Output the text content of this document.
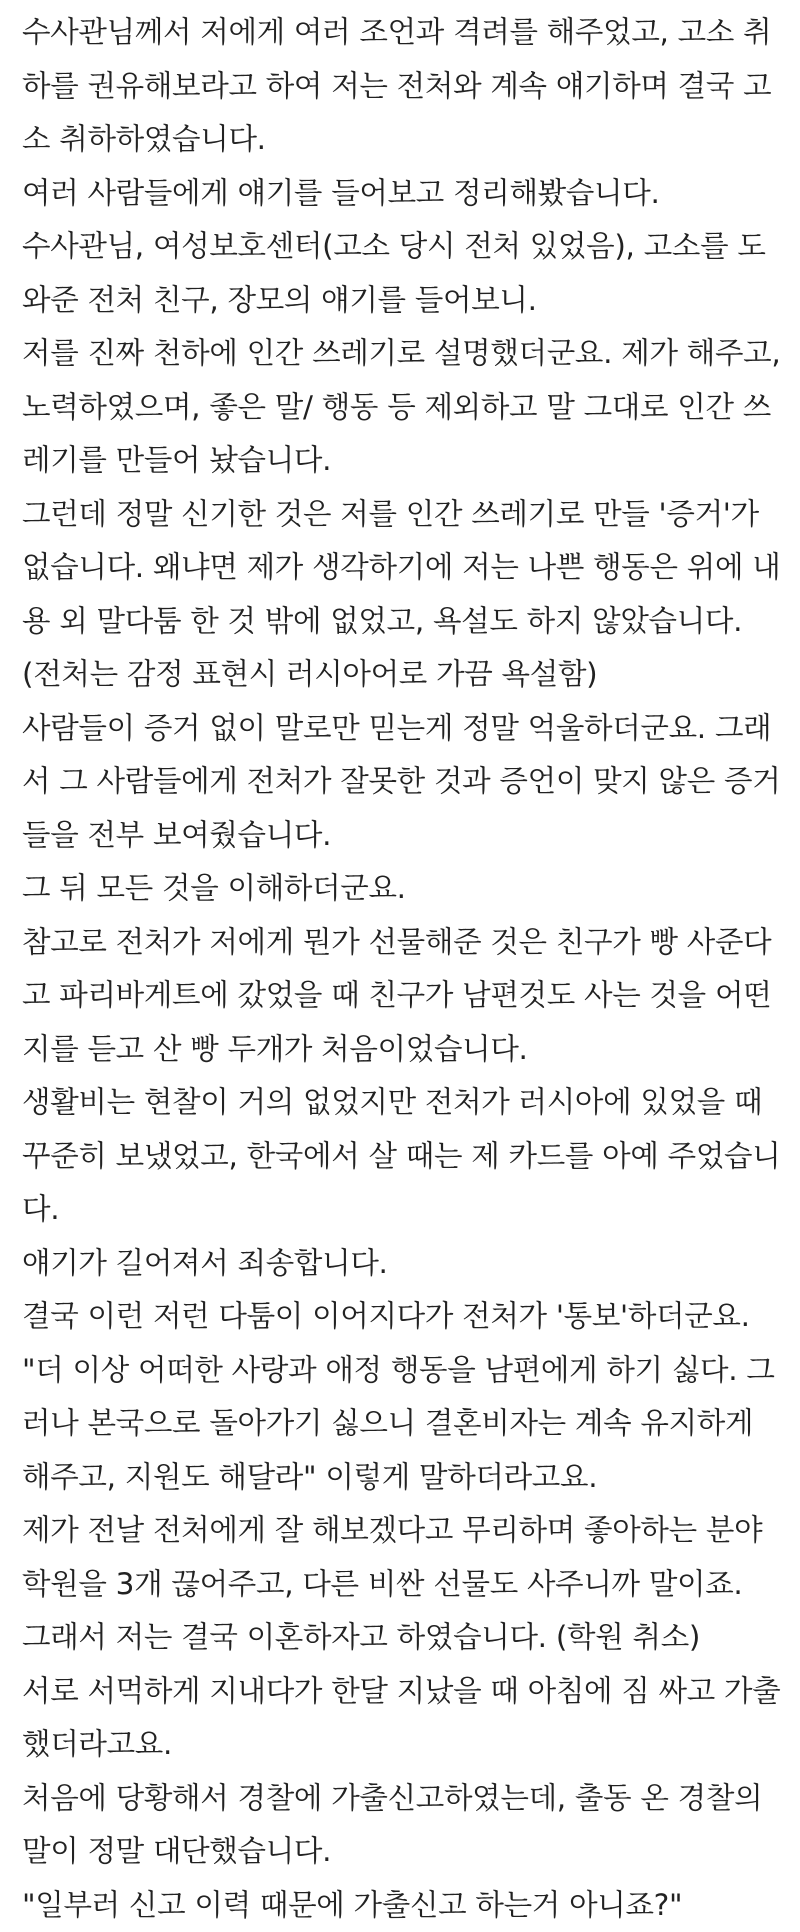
수사관님께서 저에게 여러 조언과 격려를 해주었고, 고소 취하를 권유해보라고 하여 저는 전처와 계속 얘기하며 결국 고소 취하하였습니다.

여러 사람들에게 얘기를 들어보고 정리해봤습니다.

수사관님, 여성보호센터(고소 당시 전처 있었음), 고소를 도와준 전처 친구, 장모의 얘기를 들어보니.

저를 진짜 천하에 인간 쓰레기로 설명했더군요. 제가 해주고, 노력하였으며, 좋은 말/ 행동 등 제외하고 말 그대로 인간 쓰레기를 만들어 놨습니다.

그런데 정말 신기한 것은 저를 인간 쓰레기로 만들 '증거'가 없습니다. 왜냐면 제가 생각하기에 저는 나쁜 행동은 위에 내용 외 말다툼 한 것 밖에 없었고, 욕설도 하지 않았습니다.

(전처는 감정 표현시 러시아어로 가끔 욕설함)

사람들이 증거 없이 말로만 믿는게 정말 억울하더군요. 그래서 그 사람들에게 전처가 잘못한 것과 증언이 맞지 않은 증거들을 전부 보여줬습니다.

그 뒤 모든 것을 이해하더군요.

참고로 전처가 저에게 뭔가 선물해준 것은 친구가 빵 사준다고 파리바게트에 갔었을 때 친구가 남편것도 사는 것을 어떤지를 듣고 산 빵 두개가 처음이었습니다.

생활비는 현찰이 거의 없었지만 전처가 러시아에 있었을 때 꾸준히 보냈었고, 한국에서 살 때는 제 카드를 아예 주었습니다.

얘기가 길어져서 죄송합니다.

결국 이런 저런 다툼이 이어지다가 전처가 '통보'하더군요.

"더 이상 어떠한 사랑과 애정 행동을 남편에게 하기 싫다. 그러나 본국으로 돌아가기 싫으니 결혼비자는 계속 유지하게 해주고, 지원도 해달라" 이렇게 말하더라고요.

제가 전날 전처에게 잘 해보겠다고 무리하며 좋아하는 분야 학원을 3개 끊어주고, 다른 비싼 선물도 사주니까 말이죠.

그래서 저는 결국 이혼하자고 하였습니다. (학원 취소)

서로 서먹하게 지내다가 한달 지났을 때 아침에 짐 싸고 가출했더라고요.

처음에 당황해서 경찰에 가출신고하였는데, 출동 온 경찰의 말이 정말 대단했습니다.

"일부러 신고 이력 때문에 가출신고 하는거 아니죠?"
